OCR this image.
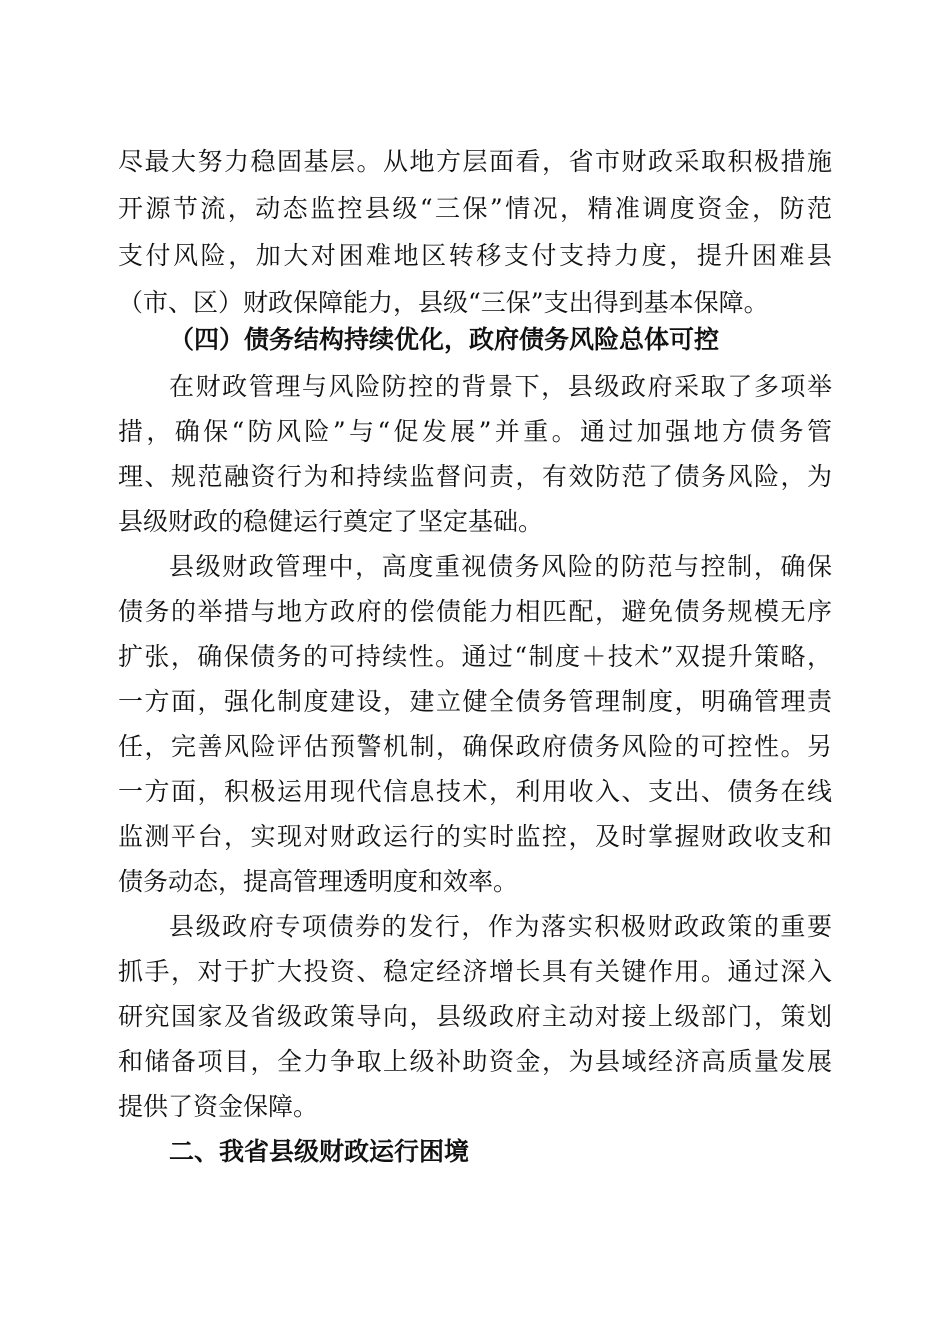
尽最大努力稳固基层。从地方层面看，省市财政采取积极措施
开源节流，动态监控县级“三保”情况，精准调度资金，防范
支付风险，加大对困难地区转移支付支持力度，提升困难县
（市、区）财政保障能力，县级“三保”支出得到基本保障。
（四）债务结构持续优化，政府债务风险总体可控
在财政管理与风险防控的背景下，县级政府采取了多项举
措，确保“防风险”与“促发展”并重。通过加强地方债务管
理、规范融资行为和持续监督问责，有效防范了债务风险，为
县级财政的稳健运行奠定了坚定基础。
县级财政管理中，高度重视债务风险的防范与控制，确保
债务的举措与地方政府的偿债能力相匹配，避免债务规模无序
扩张，确保债务的可持续性。通过“制度＋技术”双提升策略，
一方面，强化制度建设，建立健全债务管理制度，明确管理责
任，完善风险评估预警机制，确保政府债务风险的可控性。另
一方面，积极运用现代信息技术，利用收入、支出、债务在线
监测平台，实现对财政运行的实时监控，及时掌握财政收支和
债务动态，提高管理透明度和效率。
县级政府专项债券的发行，作为落实积极财政政策的重要
抓手，对于扩大投资、稳定经济增长具有关键作用。通过深入
研究国家及省级政策导向，县级政府主动对接上级部门，策划
和储备项目，全力争取上级补助资金，为县域经济高质量发展
提供了资金保障。
二、我省县级财政运行困境
